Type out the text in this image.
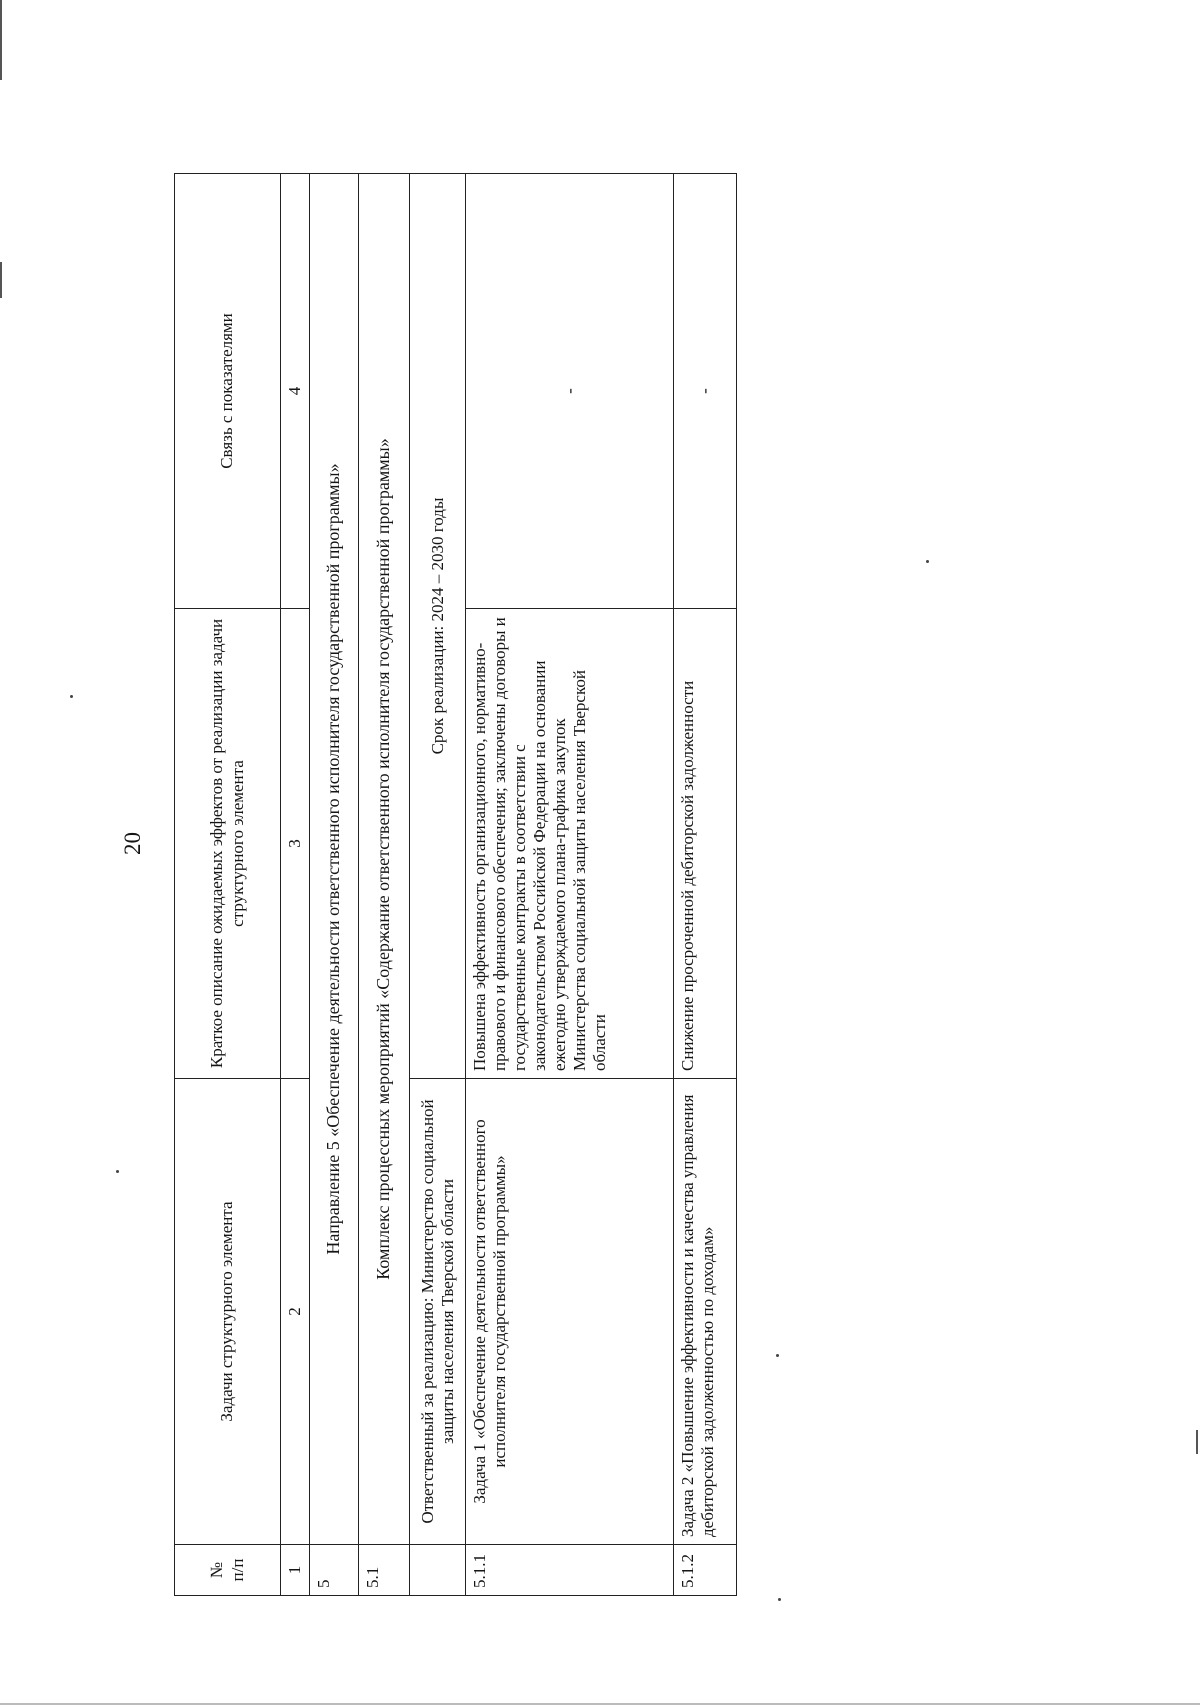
20
№ п/п	Задачи структурного элемента	Краткое описание ожидаемых эффектов от реализации задачи структурного элемента	Связь с показателями
1	2	3	4
5	Направление 5 «Обеспечение деятельности ответственного исполнителя государственной программы»		
5.1	Комплекс процессных мероприятий «Содержание ответственного исполнителя государственной программы»		
	Ответственный за реализацию: Министерство социальной защиты населения Тверской области	Срок реализации: 2024 – 2030 годы	
5.1.1	Задача 1 «Обеспечение деятельности ответственного исполнителя государственной программы»	Повышена эффективность организационного, нормативно-правового и финансового обеспечения; заключены договоры и государственные контракты в соответствии с законодательством Российской Федерации на основании ежегодно утверждаемого плана-графика закупок Министерства социальной защиты населения Тверской области	-
5.1.2	Задача 2 «Повышение эффективности и качества управления дебиторской задолженностью по доходам»	Снижение просроченной дебиторской задолженности	-
